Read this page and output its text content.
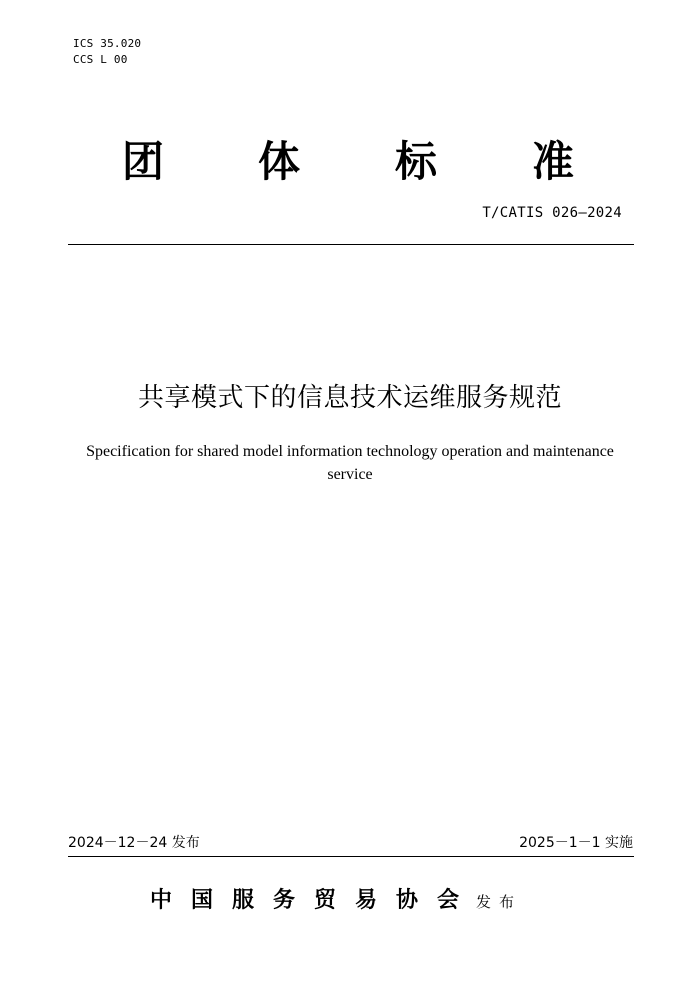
ICS 35.020
CCS L 00
团 体 标 准
T/CATIS 026—2024
共享模式下的信息技术运维服务规范
Specification for shared model information technology operation and maintenance service
2024－12－24 发布	2025－1－1 实施
中国服务贸易协会发布
